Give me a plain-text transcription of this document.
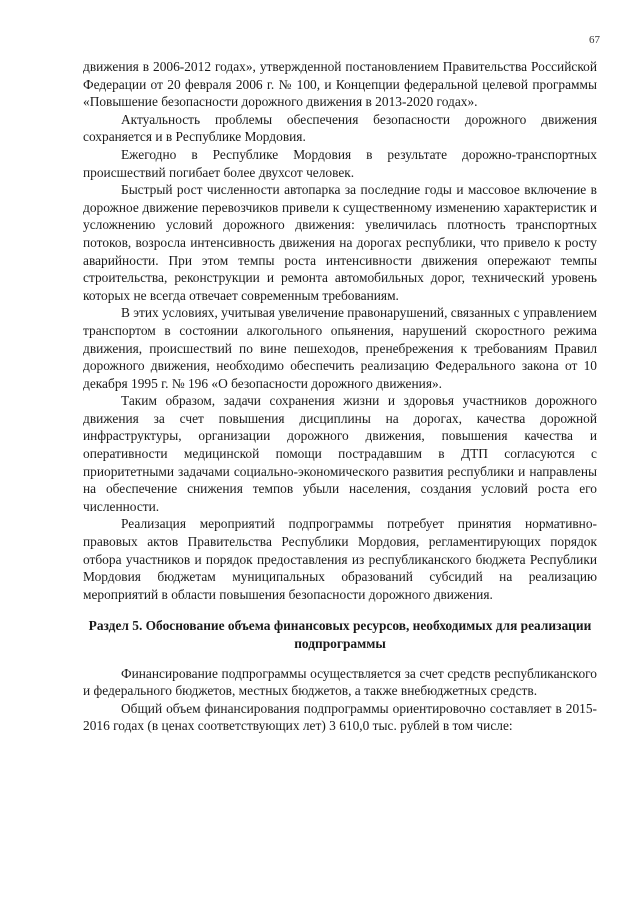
67

движения в 2006-2012 годах», утвержденной постановлением Правительства Российской Федерации от 20 февраля 2006 г. № 100, и Концепции федеральной целевой программы «Повышение безопасности дорожного движения в 2013-2020 годах».

Актуальность проблемы обеспечения безопасности дорожного движения сохраняется и в Республике Мордовия.

Ежегодно в Республике Мордовия в результате дорожно-транспортных происшествий погибает более двухсот человек.

Быстрый рост численности автопарка за последние годы и массовое включение в дорожное движение перевозчиков привели к существенному изменению характеристик и усложнению условий дорожного движения: увеличилась плотность транспортных потоков, возросла интенсивность движения на дорогах республики, что привело к росту аварийности. При этом темпы роста интенсивности движения опережают темпы строительства, реконструкции и ремонта автомобильных дорог, технический уровень которых не всегда отвечает современным требованиям.

В этих условиях, учитывая увеличение правонарушений, связанных с управлением транспортом в состоянии алкогольного опьянения, нарушений скоростного режима движения, происшествий по вине пешеходов, пренебрежения к требованиям Правил дорожного движения, необходимо обеспечить реализацию Федерального закона от 10 декабря 1995 г. № 196 «О безопасности дорожного движения».

Таким образом, задачи сохранения жизни и здоровья участников дорожного движения за счет повышения дисциплины на дорогах, качества дорожной инфраструктуры, организации дорожного движения, повышения качества и оперативности медицинской помощи пострадавшим в ДТП согласуются с приоритетными задачами социально-экономического развития республики и направлены на обеспечение снижения темпов убыли населения, создания условий роста его численности.

Реализация мероприятий подпрограммы потребует принятия нормативно-правовых актов Правительства Республики Мордовия, регламентирующих порядок отбора участников и порядок предоставления из республиканского бюджета Республики Мордовия бюджетам муниципальных образований субсидий на реализацию мероприятий в области повышения безопасности дорожного движения.

Раздел 5. Обоснование объема финансовых ресурсов, необходимых для реализации подпрограммы

Финансирование подпрограммы осуществляется за счет средств республиканского и федерального бюджетов, местных бюджетов, а также внебюджетных средств.

Общий объем финансирования подпрограммы ориентировочно составляет в 2015-2016 годах (в ценах соответствующих лет) 3 610,0 тыс. рублей в том числе:
